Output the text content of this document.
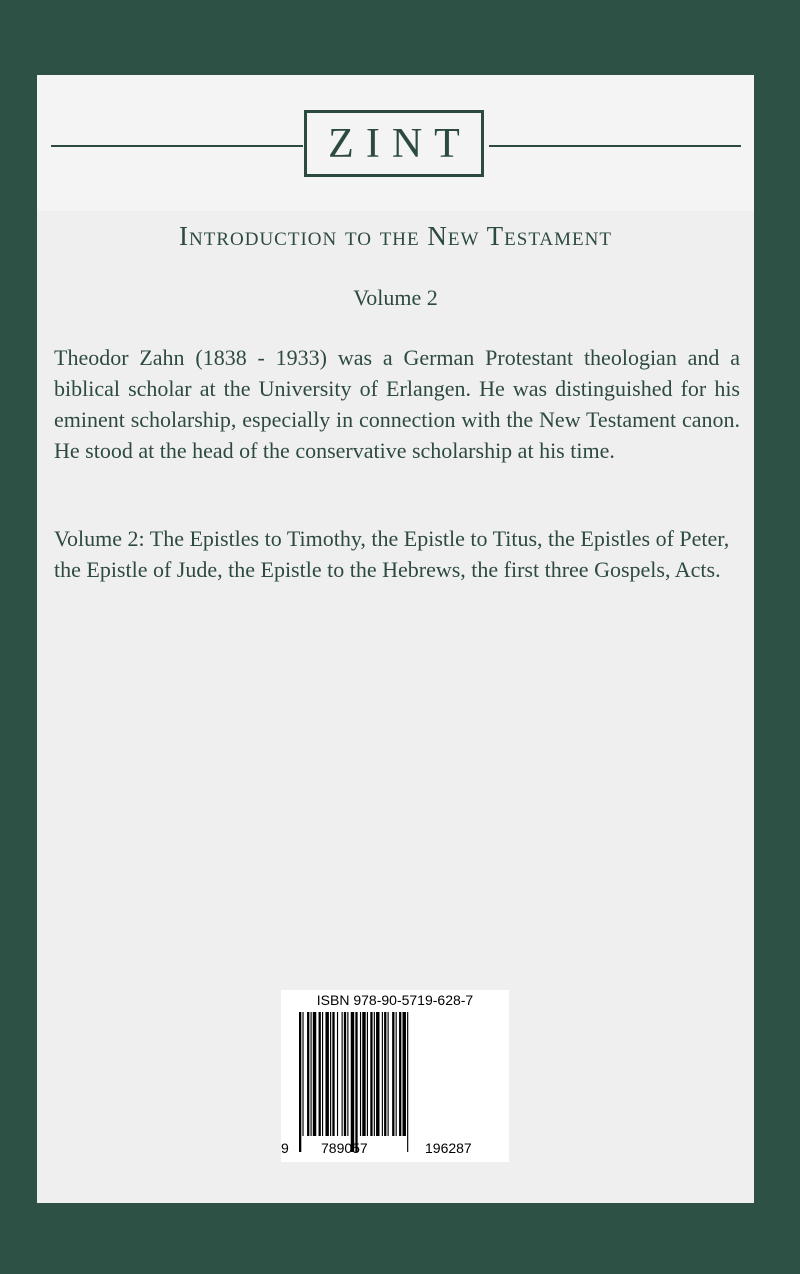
ZINT
Introduction to the New Testament
Volume 2

Theodor Zahn (1838 - 1933) was a German Protestant theologian and a biblical scholar at the University of Erlangen. He was distinguished for his eminent scholarship, especially in connection with the New Testament canon. He stood at the head of the conservative scholarship at his time.

Volume 2: The Epistles to Timothy, the Epistle to Titus, the Epistles of Peter, the Epistle of Jude, the Epistle to the Hebrews, the first three Gospels, Acts.

ISBN 978-90-5719-628-7
9 789057	196287
